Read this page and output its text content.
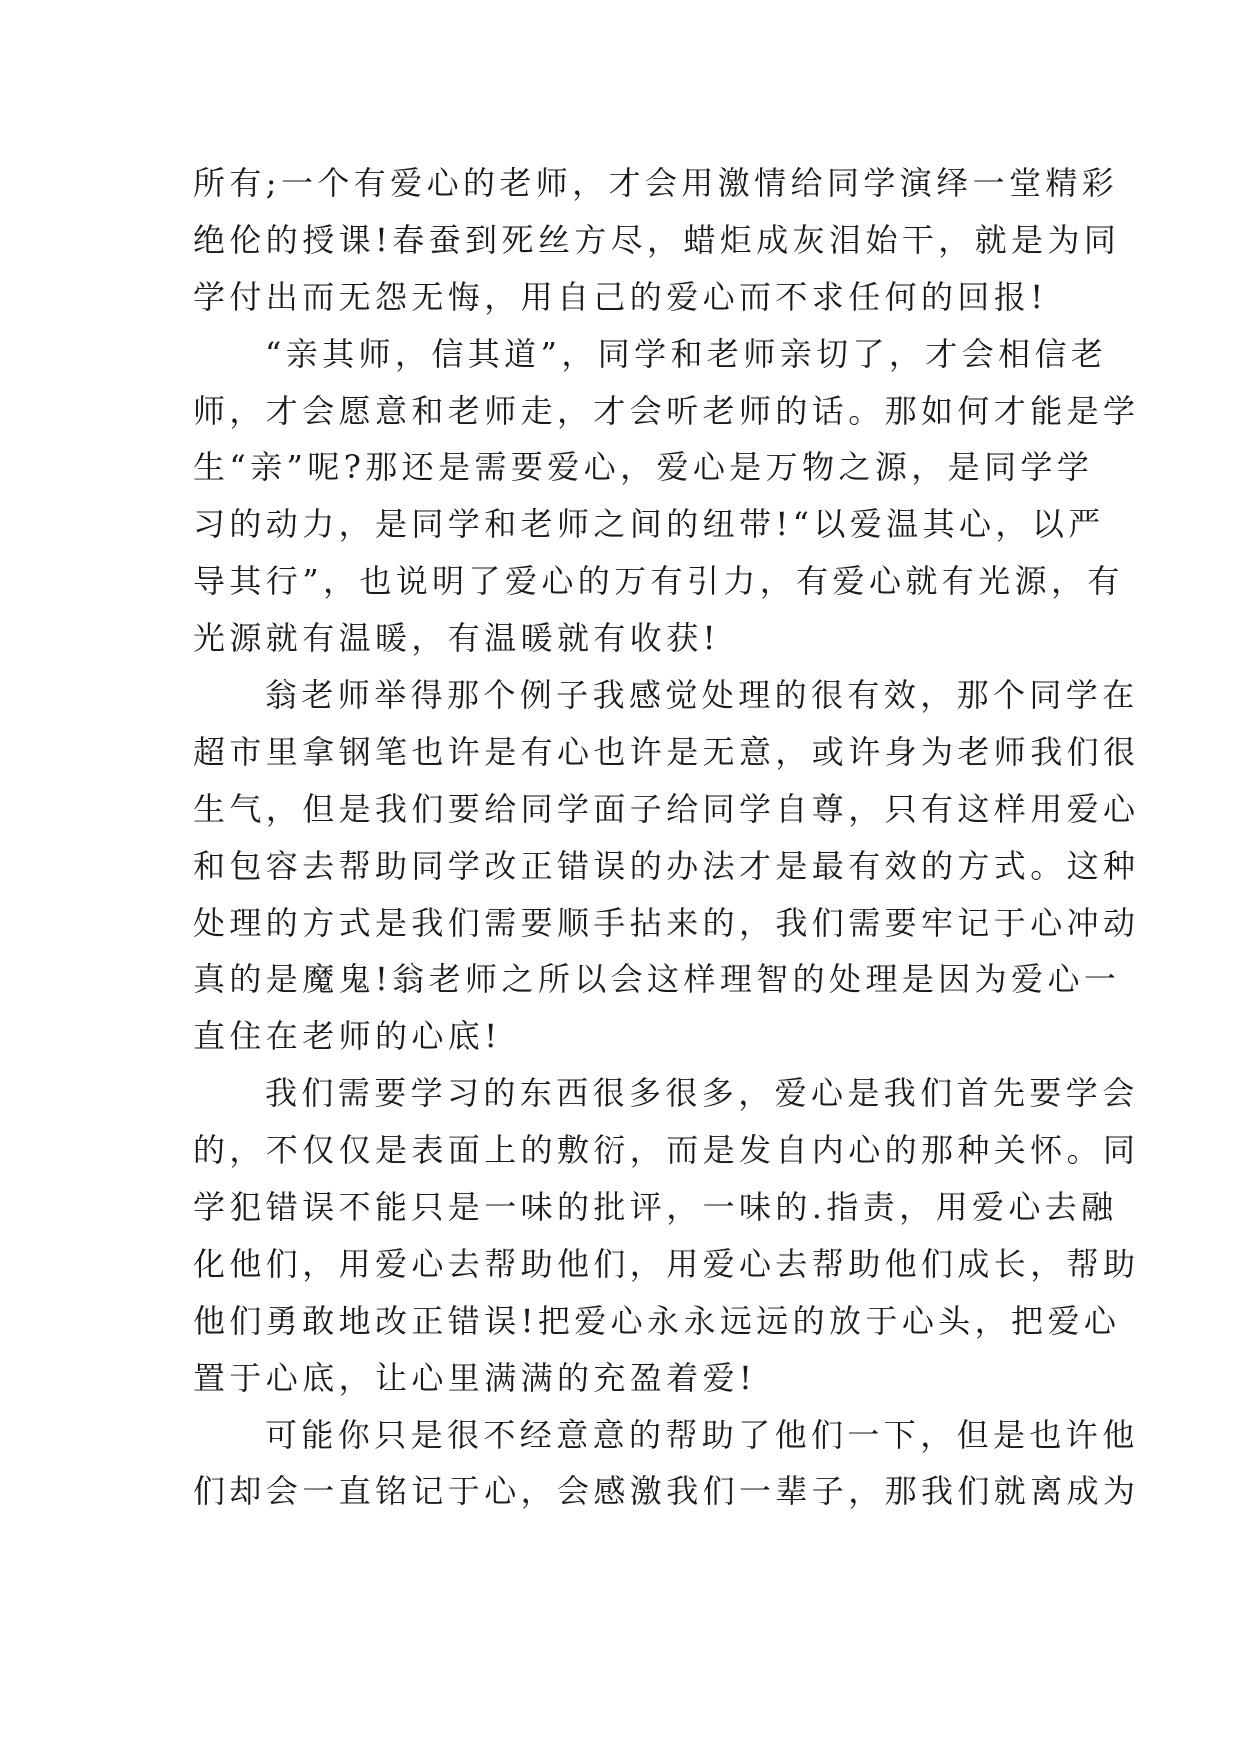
所有;一个有爱心的老师，才会用激情给同学演绎一堂精彩
绝伦的授课!春蚕到死丝方尽，蜡炬成灰泪始干，就是为同
学付出而无怨无悔，用自己的爱心而不求任何的回报!
“亲其师，信其道”，同学和老师亲切了，才会相信老
师，才会愿意和老师走，才会听老师的话。那如何才能是学
生“亲”呢?那还是需要爱心，爱心是万物之源，是同学学
习的动力，是同学和老师之间的纽带!“以爱温其心，以严
导其行”，也说明了爱心的万有引力，有爱心就有光源，有
光源就有温暖，有温暖就有收获!
翁老师举得那个例子我感觉处理的很有效，那个同学在
超市里拿钢笔也许是有心也许是无意，或许身为老师我们很
生气，但是我们要给同学面子给同学自尊，只有这样用爱心
和包容去帮助同学改正错误的办法才是最有效的方式。这种
处理的方式是我们需要顺手拈来的，我们需要牢记于心冲动
真的是魔鬼!翁老师之所以会这样理智的处理是因为爱心一
直住在老师的心底!
我们需要学习的东西很多很多，爱心是我们首先要学会
的，不仅仅是表面上的敷衍，而是发自内心的那种关怀。同
学犯错误不能只是一味的批评，一味的.指责，用爱心去融
化他们，用爱心去帮助他们，用爱心去帮助他们成长，帮助
他们勇敢地改正错误!把爱心永永远远的放于心头，把爱心
置于心底，让心里满满的充盈着爱!
可能你只是很不经意意的帮助了他们一下，但是也许他
们却会一直铭记于心，会感激我们一辈子，那我们就离成为
